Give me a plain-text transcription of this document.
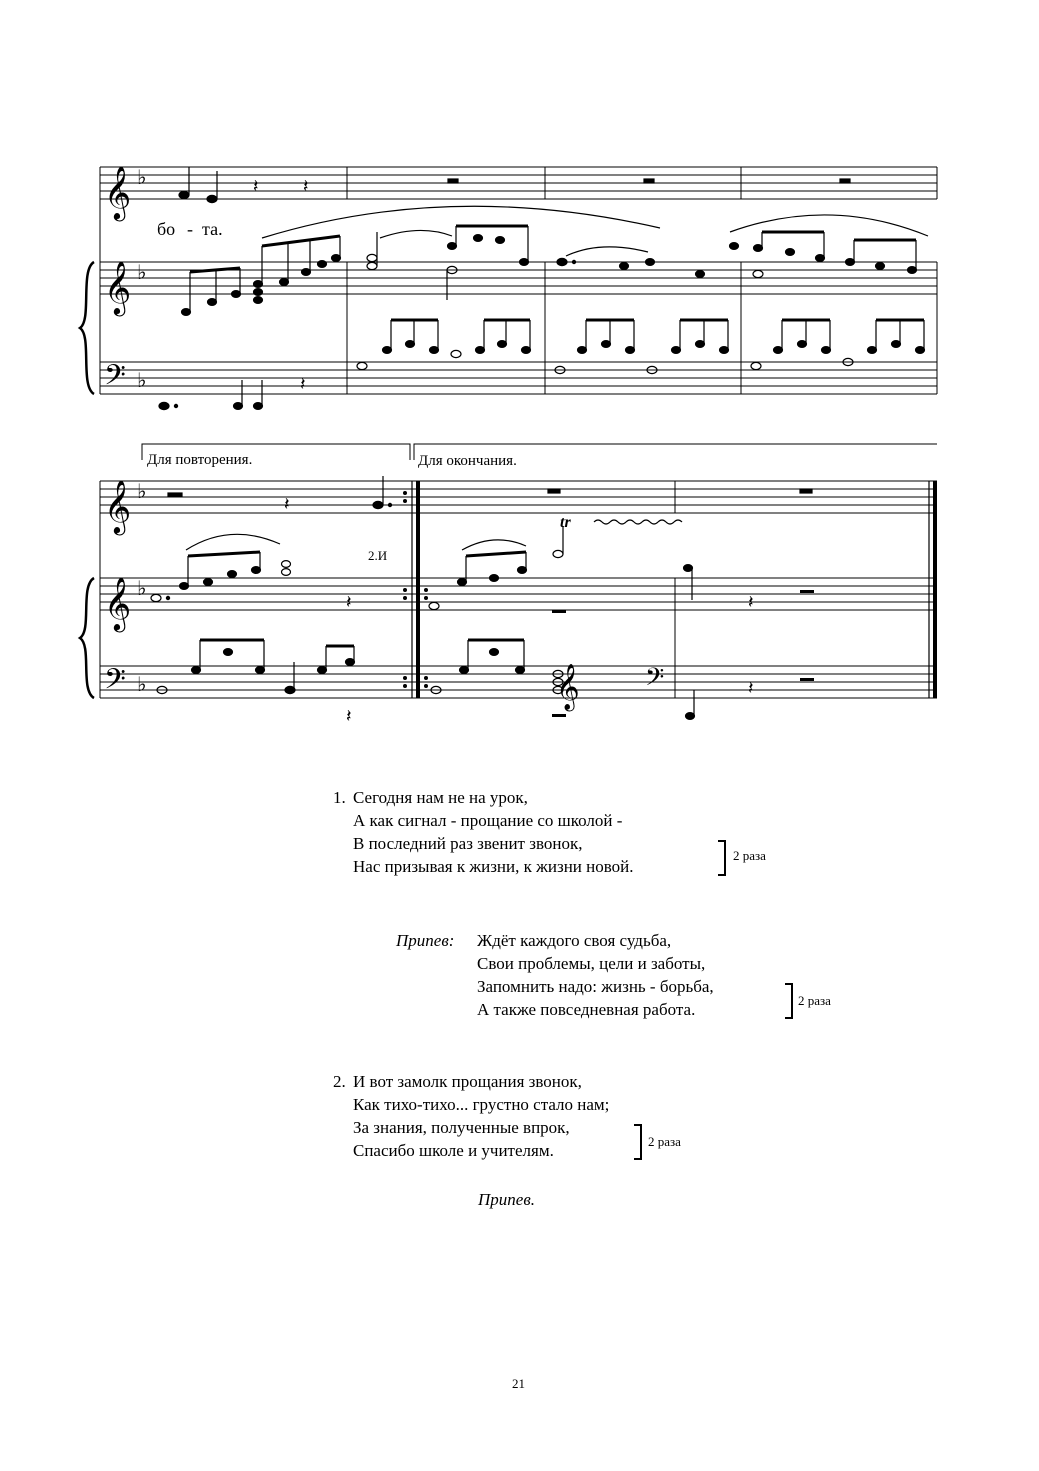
𝄞
𝄞
𝄢
𝄞
𝄞
𝄢	𝄞 𝄢
♭
♭
♭
♭
♭
♭
𝄽 𝄽
𝄽
𝄽
𝄽
𝄽
𝄽
𝄽
бо - та.
Для повторения.	Для окончания.
2.И
tr
1. Сегодня нам не на урок,
А как сигнал - прощание со школой -
В последний раз звенит звонок,
Нас призывая к жизни, к жизни новой.
2 раза
Припев: Ждёт каждого своя судьба,
Свои проблемы, цели и заботы,
Запомнить надо: жизнь - борьба,
А также повседневная работа.	2 раза
2. И вот замолк прощания звонок,
Как тихо-тихо... грустно стало нам;
За знания, полученные впрок,
Спасибо школе и учителям.	2 раза
Припев.
21
